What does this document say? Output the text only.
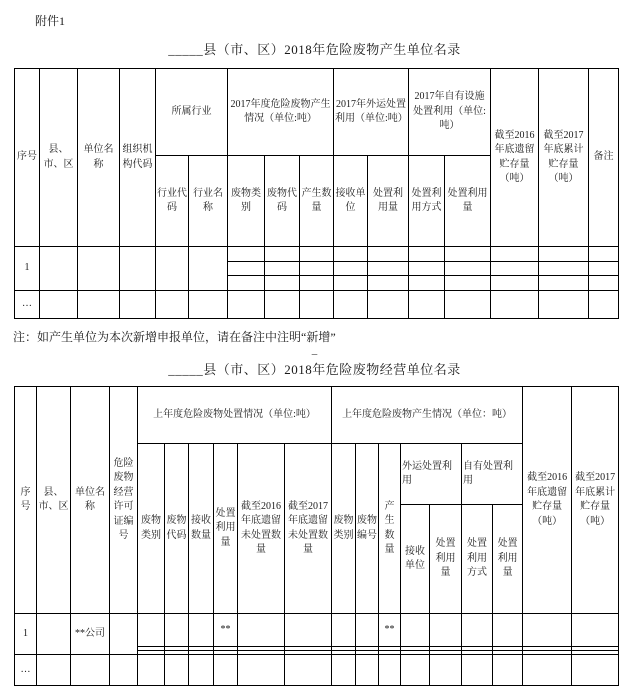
附件1
_____县（市、区）2018年危险废物产生单位名录
序号	县、市、区	单位名称	组织机构代码	所属行业		2017年度危险废物产生情况（单位:吨）			2017年外运处置利用（单位:吨）		2017年自有设施处置利用（单位:吨）		截至2016年底遗留贮存量（吨）	截至2017年底累计贮存量（吨）	备注
				行业代码	行业名称	废物类别	废物代码	产生数量	接收单位	处置利用量	处置利用方式	处置利用量			
1															

…															
注：如产生单位为本次新增申报单位，请在备注中注明“新增”
–
_____县（市、区）2018年危险废物经营单位名录
序号	县、市、区	单位名称	危险废物经营许可证编号	上年度危险废物处置情况（单位:吨）						上年度危险废物产生情况（单位：吨）							截至2016年底遗留贮存量（吨）	截至2017年底累计贮存量（吨）
				废物类别	废物代码	接收数量	处置利用量	截至2016年底遗留未处置数量	截至2017年底遗留未处置数量	废物类别	废物编号	产生数量	外运处置利用		自有处置利用			
													接收单位	处置利用量	处置利用方式	处置利用量		
1		**公司					**					**						

…																		
